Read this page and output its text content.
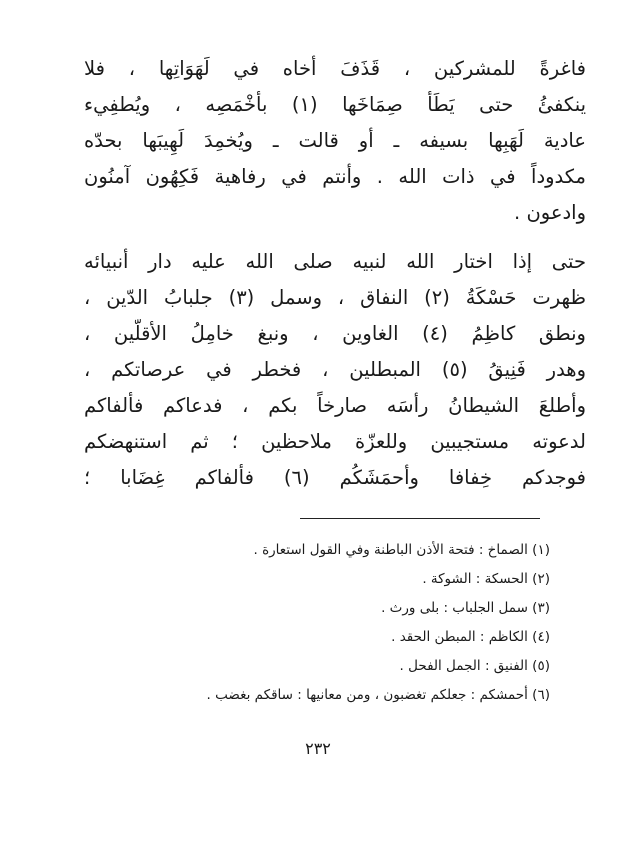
فاغرةً للمشركين ، قَذَفَ أخاه في لَهَوَاتِها ، فلا
ينكفئُ حتى يَطَأَ صِمَاخَها (١) بأخْمَصِه ، ويُطفِيء
عادية لَهَبِها بسيفه ـ أو قالت ـ ويُخمِدَ لَهِيبَها بحدّه
مكدوداً في ذات الله . وأنتم في رفاهية فَكِهُون آمنُون
وادعون .
حتى إذا اختار الله لنبيه صلى الله عليه دار أنبيائه
ظهرت حَسْكَةُ (٢) النفاق ، وسمل (٣) جلبابُ الدّين ،
ونطق كاظِمُ (٤) الغاوين ، ونبغ خامِلُ الأقلّين ،
وهدر فَنِيقُ (٥) المبطلين ، فخطر في عرصاتكم ،
وأطلعَ الشيطانُ رأسَه صارخاً بكم ، فدعاكم فألفاكم
لدعوته مستجيبين وللعزّة ملاحظين ؛ ثم استنهضكم
فوجدكم خِفافا وأحمَشَكُم (٦) فألفاكم غِضَابا ؛
(١) الصماخ : فتحة الأذن الباطنة وفي القول استعارة .
(٢) الحسكة : الشوكة .
(٣) سمل الجلباب : بلى ورث .
(٤) الكاظم : المبطن الحقد .
(٥) الفنيق : الجمل الفحل .
(٦) أحمشكم : جعلكم تغضبون ، ومن معانيها : ساقكم بغضب .
٢٣٢
